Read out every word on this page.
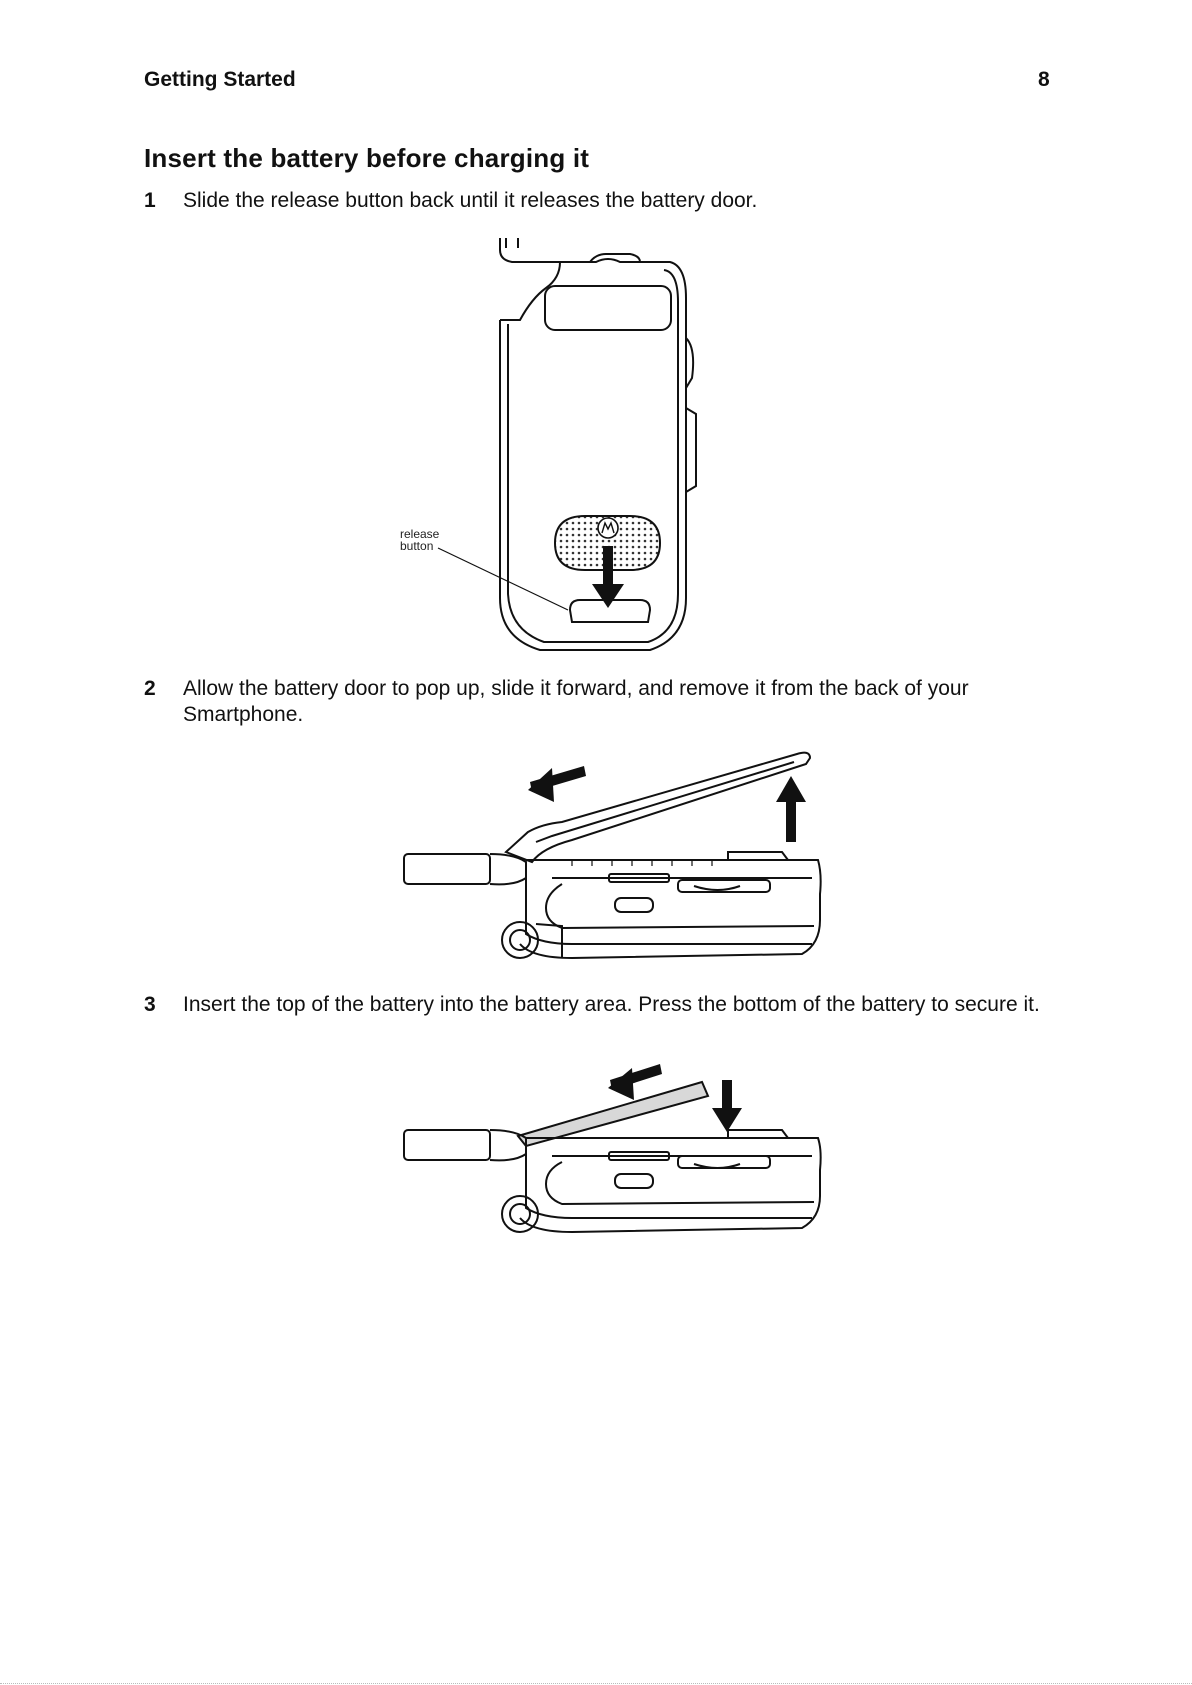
Getting Started	8
Insert the battery before charging it
1 Slide the release button back until it releases the battery door.
release
button
2 Allow the battery door to pop up, slide it forward, and remove it from the back of your Smartphone.
3 Insert the top of the battery into the battery area. Press the bottom of the battery to secure it.
